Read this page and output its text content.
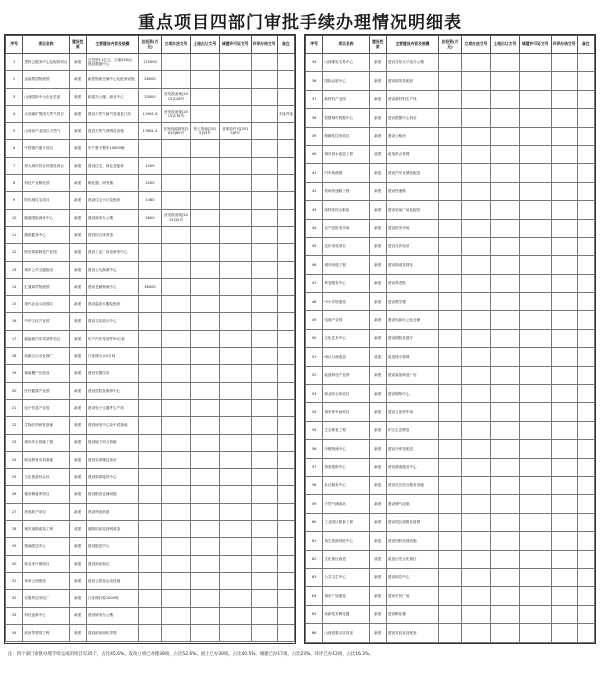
重点项目四部门审批手续办理情况明细表
序号	项目名称	建设性质	主要建设内容及规模	总投资(万元)	立项办法文号	土地出让文号	城建许可证文号	环评办结文号	备注
1	思科云服务中心及配套项目	新建	总投资11亿元，占地200亩，建设数据中心	170000					
2	金福集团物流园	新建	新建物流仓储中心及配套设施	26000					
3	山西国际中小企业总部	新建	新建办公楼、商业中心	33000	晋发改备案[2015]126号				
4	大同煤矿集团天然气项目	新建	建设天然气输气管道及门站	11961.6	晋发改备案[2015]178号				手续齐备
5	山西省产业园区天然气	新建	建设天然气管网及设施	17681.4	晋发改能源发[2015]65号	晋土资地[2015]33号	晋建设许可[2015]8号		
6	中国重汽重卡项目	新建	年产重卡整车10000辆						
7	恒大城市综合体建设项目	新建	建设住宅、商业及配套	1000					
8	科技产业孵化园	新建	孵化器、研发楼	2000					
9	阳光城住宅项目	新建	建设住宅小区及配套	1380					
10	隆盛国际商务中心	新建	建设商务办公楼	2600	晋发改备案[2015]32号				
11	湖滨健身中心	新建	建设综合体育馆						
12	阳光智能制造产业园	新建	建设工业厂房及研发中心						
13	城市公共交通枢纽	新建	建设公交换乘中心						
14	汇通商贸物流园	新建	建设仓储物流中心	38000					
15	现代农业示范园区	新建	建设温室大棚及配套						
16	中华文化产业园	新建	建设文化展示中心						
17	新能源汽车零部件项目	新建	年产汽车零部件50万套						
18	高新区污水处理厂	新建	日处理污水5万吨						
19	城南棚户区改造	新建	建设安置住房						
20	医疗健康产业园	新建	建设医院及康养中心						
21	电子信息产业园	新建	建设电子元器件生产线						
22	生物医药研发基地	新建	建设研发中心及中试基地						
23	城市综合管廊工程	新建	建设地下综合管廊						
24	职业教育实训基地	新建	建设实训楼及宿舍						
25	文化旅游综合体	新建	建设旅游接待中心						
26	粮食储备库项目	新建	建设粮食仓储设施						
27	热电联产项目	新建	建设热电机组						
28	城市道路改造工程	改建	道路拓宽及管网改造						
29	物流配送中心	新建	建设配送中心						
30	商业步行街项目	新建	建设商业街区						
31	体育公园建设	新建	建设公园及运动设施						
32	垃圾焚烧发电厂	新建	日处理垃圾1000吨						
33	科技创新中心	新建	建设研发办公楼						
34	滨河景观带工程	新建	建设滨河绿化景观						
序号	项目名称	建设性质	主要建设内容及规模	总投资(万元)	立项办法文号	土地出让文号	城建许可证文号	环评办结文号	备注
35	山西煤炭交易中心	新建	建设交易大厅及办公楼						
36	国际会展中心	新建	建设展馆及配套						
37	新材料产业园	新建	建设新材料生产线						
38	智慧城市数据中心	新建	建设数据中心机房						
39	保障性住房项目	新建	建设公租房						
40	城市供水改造工程	改建	改造供水管网						
41	汽车物流园	新建	建设汽车仓储及配送						
42	机场快速路工程	新建	建设快速路						
43	高铁站综合枢纽	新建	建设站前广场及配套						
44	农产品批发市场	新建	建设批发市场						
45	光伏发电项目	新建	建设光伏电站						
46	城市绿道工程	新建	建设绿道及驿站						
47	养老服务中心	新建	建设养老院						
48	中小学校建设	新建	建设教学楼						
49	电商产业园	新建	建设电商办公及仓储						
50	文化艺术中心	新建	建设剧院及展厅						
51	雨污分流改造	改建	改造排水管网						
52	装备制造产业园	新建	建设装备制造厂房						
53	商业综合体项目	新建	建设购物中心						
54	城市停车场项目	新建	建设立体停车场						
55	生态修复工程	新建	矿区生态修复						
56	冷链物流中心	新建	建设冷库及配送						
57	游客集散中心	新建	建设游客服务中心						
58	社区服务中心	新建	建设社区综合服务设施						
59	天然气储备站	新建	建设储气设施						
60	工业园区配套工程	新建	建设园区道路及管网						
61	再生资源回收中心	新建	建设回收处理设施						
62	文化街区改造	改建	改造历史文化街区						
63	公共卫生中心	新建	建设疾控中心						
64	城市广场建设	新建	建设市民广场						
65	高新技术孵化器	新建	建设孵化楼						
66	山西省重点实验室	新建	建设实验室及配套						
注：四个部门审批办理手续完成的项目有35个，占比45.6%。发改立项已办理39项，占比52.6%。国土已办30项，占比40.5%。城建已办17项，占比23%。环评已办12项，占比16.2%。
